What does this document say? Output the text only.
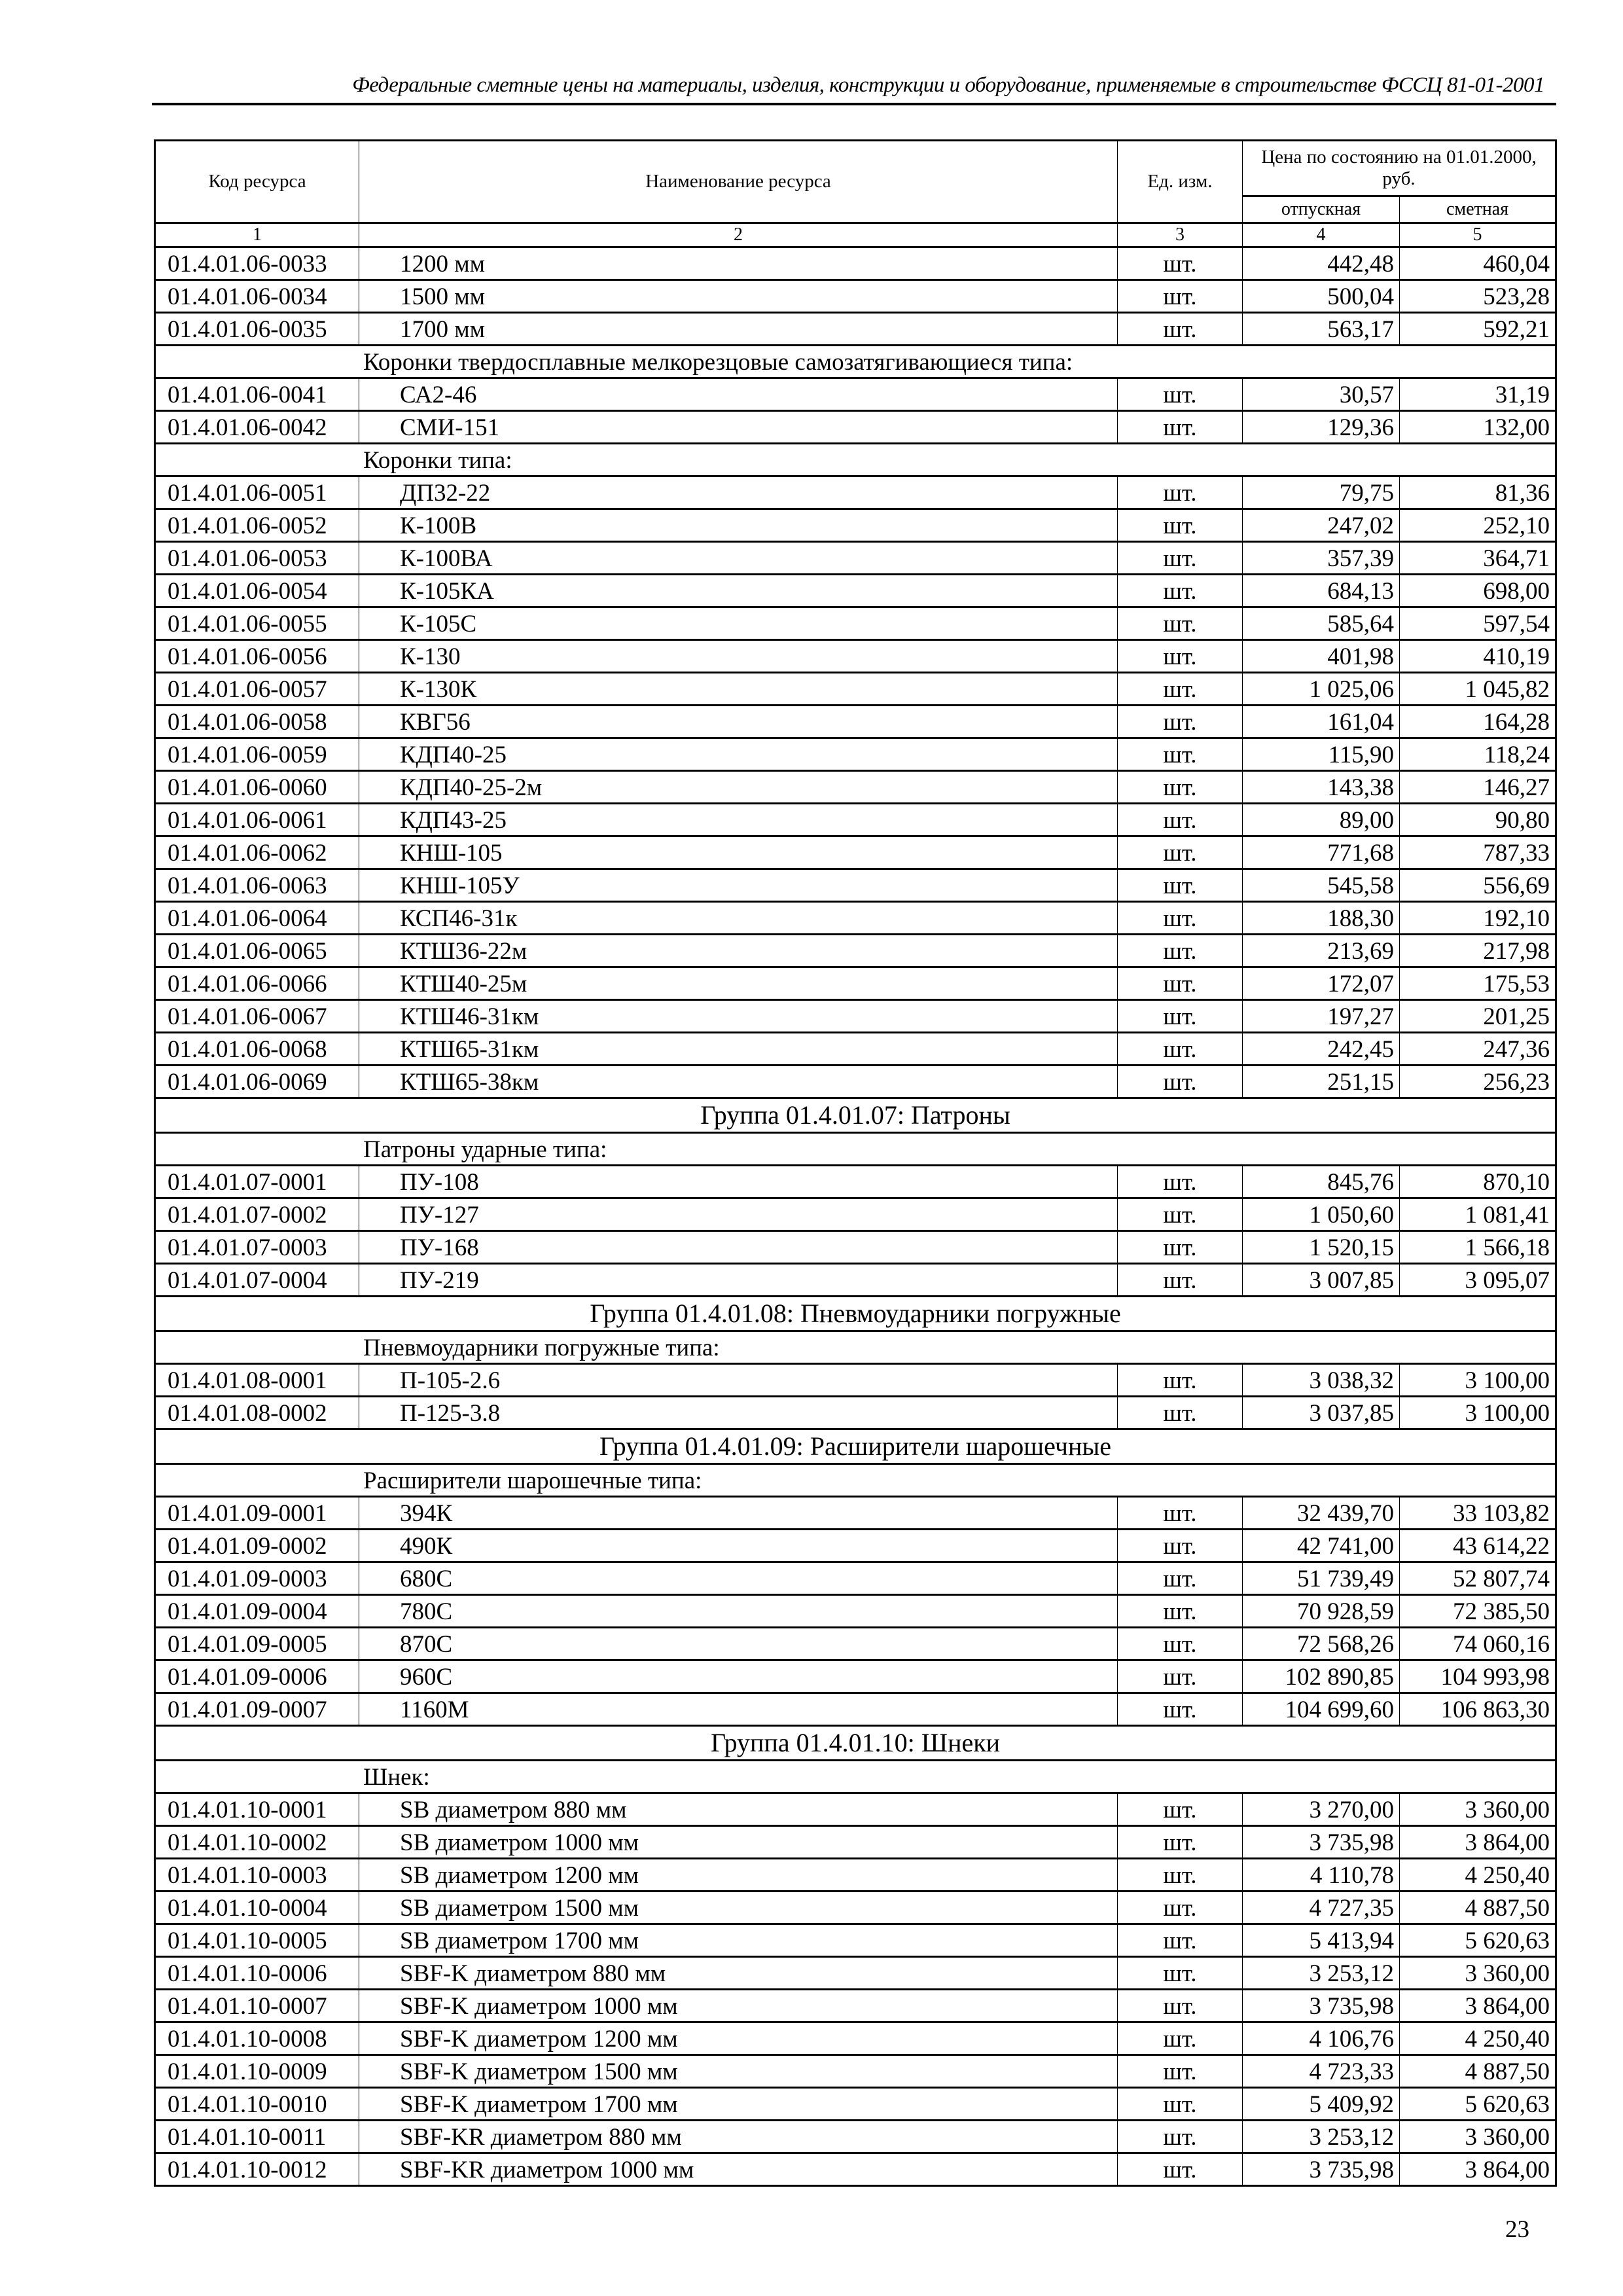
Федеральные сметные цены на материалы, изделия, конструкции и оборудование, применяемые в строительстве ФССЦ 81-01-2001
Код ресурса	Наименование ресурса	Ед. изм.	Цена по состоянию на 01.01.2000, руб.	
			отпускная	сметная
1	2	3	4	5
01.4.01.06-0033	1200 мм	шт.	442,48	460,04
01.4.01.06-0034	1500 мм	шт.	500,04	523,28
01.4.01.06-0035	1700 мм	шт.	563,17	592,21
Коронки твердосплавные мелкорезцовые самозатягивающиеся типа:				
01.4.01.06-0041	СА2-46	шт.	30,57	31,19
01.4.01.06-0042	СМИ-151	шт.	129,36	132,00
Коронки типа:				
01.4.01.06-0051	ДП32-22	шт.	79,75	81,36
01.4.01.06-0052	К-100В	шт.	247,02	252,10
01.4.01.06-0053	К-100ВА	шт.	357,39	364,71
01.4.01.06-0054	К-105КА	шт.	684,13	698,00
01.4.01.06-0055	К-105С	шт.	585,64	597,54
01.4.01.06-0056	К-130	шт.	401,98	410,19
01.4.01.06-0057	К-130К	шт.	1 025,06	1 045,82
01.4.01.06-0058	КВГ56	шт.	161,04	164,28
01.4.01.06-0059	КДП40-25	шт.	115,90	118,24
01.4.01.06-0060	КДП40-25-2м	шт.	143,38	146,27
01.4.01.06-0061	КДП43-25	шт.	89,00	90,80
01.4.01.06-0062	КНШ-105	шт.	771,68	787,33
01.4.01.06-0063	КНШ-105У	шт.	545,58	556,69
01.4.01.06-0064	КСП46-31к	шт.	188,30	192,10
01.4.01.06-0065	КТШ36-22м	шт.	213,69	217,98
01.4.01.06-0066	КТШ40-25м	шт.	172,07	175,53
01.4.01.06-0067	КТШ46-31км	шт.	197,27	201,25
01.4.01.06-0068	КТШ65-31км	шт.	242,45	247,36
01.4.01.06-0069	КТШ65-38км	шт.	251,15	256,23
Группа 01.4.01.07: Патроны				
Патроны ударные типа:				
01.4.01.07-0001	ПУ-108	шт.	845,76	870,10
01.4.01.07-0002	ПУ-127	шт.	1 050,60	1 081,41
01.4.01.07-0003	ПУ-168	шт.	1 520,15	1 566,18
01.4.01.07-0004	ПУ-219	шт.	3 007,85	3 095,07
Группа 01.4.01.08: Пневмоударники погружные				
Пневмоударники погружные типа:				
01.4.01.08-0001	П-105-2.6	шт.	3 038,32	3 100,00
01.4.01.08-0002	П-125-3.8	шт.	3 037,85	3 100,00
Группа 01.4.01.09: Расширители шарошечные				
Расширители шарошечные типа:				
01.4.01.09-0001	394К	шт.	32 439,70	33 103,82
01.4.01.09-0002	490К	шт.	42 741,00	43 614,22
01.4.01.09-0003	680С	шт.	51 739,49	52 807,74
01.4.01.09-0004	780С	шт.	70 928,59	72 385,50
01.4.01.09-0005	870С	шт.	72 568,26	74 060,16
01.4.01.09-0006	960С	шт.	102 890,85	104 993,98
01.4.01.09-0007	1160М	шт.	104 699,60	106 863,30
Группа 01.4.01.10: Шнеки				
Шнек:				
01.4.01.10-0001	SB диаметром 880 мм	шт.	3 270,00	3 360,00
01.4.01.10-0002	SB диаметром 1000 мм	шт.	3 735,98	3 864,00
01.4.01.10-0003	SB диаметром 1200 мм	шт.	4 110,78	4 250,40
01.4.01.10-0004	SB диаметром 1500 мм	шт.	4 727,35	4 887,50
01.4.01.10-0005	SB диаметром 1700 мм	шт.	5 413,94	5 620,63
01.4.01.10-0006	SBF-K диаметром 880 мм	шт.	3 253,12	3 360,00
01.4.01.10-0007	SBF-K диаметром 1000 мм	шт.	3 735,98	3 864,00
01.4.01.10-0008	SBF-K диаметром 1200 мм	шт.	4 106,76	4 250,40
01.4.01.10-0009	SBF-K диаметром 1500 мм	шт.	4 723,33	4 887,50
01.4.01.10-0010	SBF-K диаметром 1700 мм	шт.	5 409,92	5 620,63
01.4.01.10-0011	SBF-KR диаметром 880 мм	шт.	3 253,12	3 360,00
01.4.01.10-0012	SBF-KR диаметром 1000 мм	шт.	3 735,98	3 864,00
23
